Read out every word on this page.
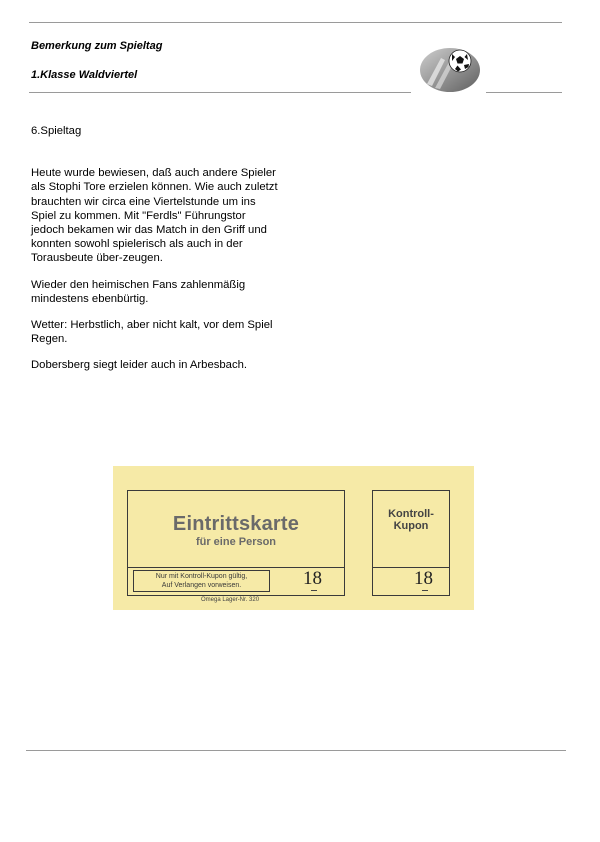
Bemerkung zum Spieltag
1.Klasse Waldviertel

6.Spieltag

Heute wurde bewiesen, daß auch andere Spieler als Stophi Tore erzielen können. Wie auch zuletzt brauchten wir circa eine Viertelstunde um ins Spiel zu kommen. Mit "Ferdls" Führungstor jedoch bekamen wir das Match in den Griff und konnten sowohl spielerisch als auch in der Torausbeute über-zeugen.

Wieder den heimischen Fans zahlenmäßig mindestens ebenbürtig.

Wetter: Herbstlich, aber nicht kalt, vor dem Spiel Regen.

Dobersberg siegt leider auch in Arbesbach.

Eintrittskarte
für eine Person
Nur mit Kontroll-Kupon gültig,
Auf Verlangen vorweisen.	18
Kontroll-
Kupon
18
Omega Lager-Nr. 320
